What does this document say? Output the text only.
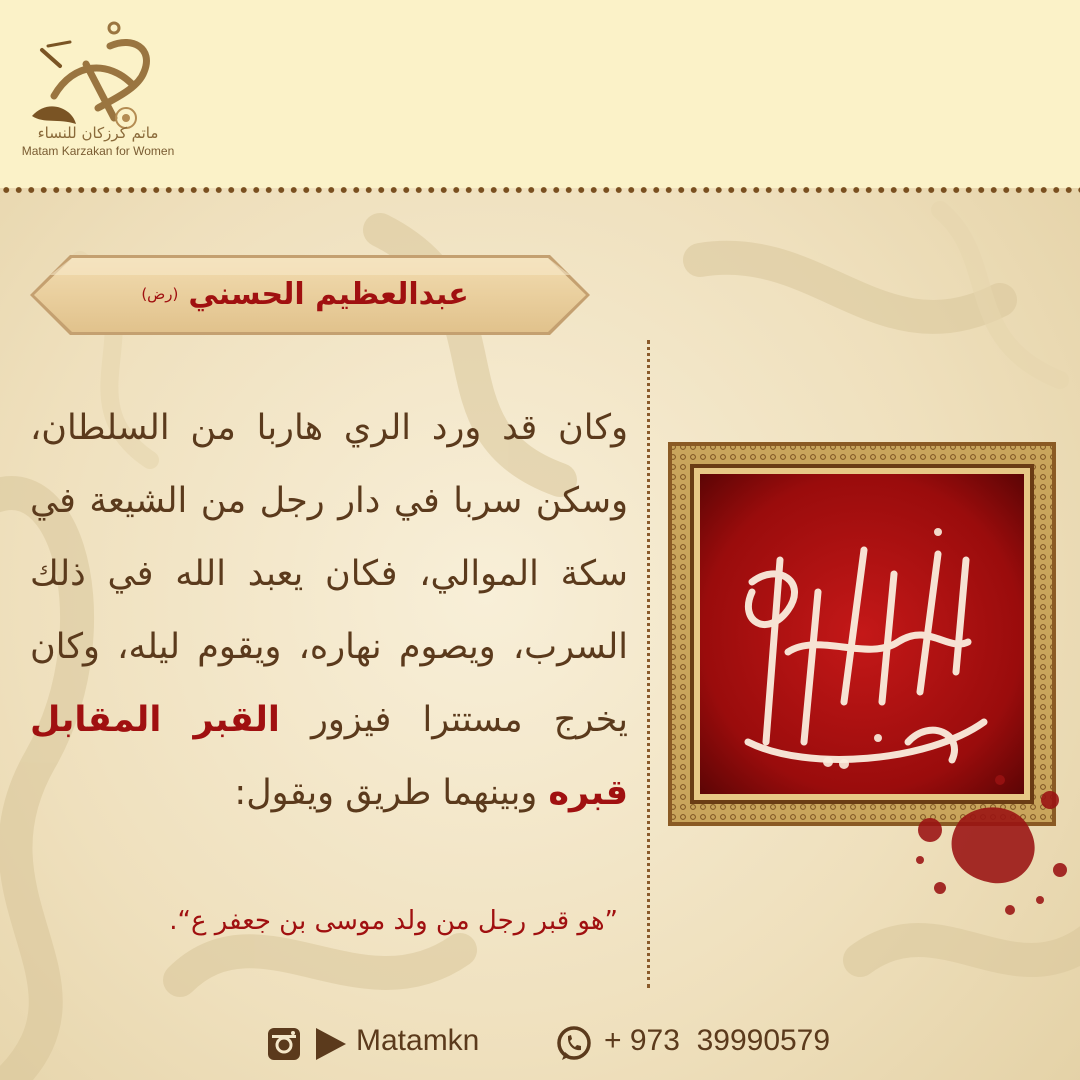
ماتم كرزكان للنساء
Matam Karzakan for Women
عبدالعظيم الحسني
(رض)
وكان قد ورد الري هاربا من السلطان، وسكن سربا في دار رجل من الشيعة في سكة الموالي، فكان يعبد الله في ذلك السرب، ويصوم نهاره، ويقوم ليله، وكان يخرج مستترا فيزور القبر المقابل قبره وبينهما طريق ويقول:
”هو قبر رجل من ولد موسى بن جعفر ع“.
Matamkn	+ 973  39990579
